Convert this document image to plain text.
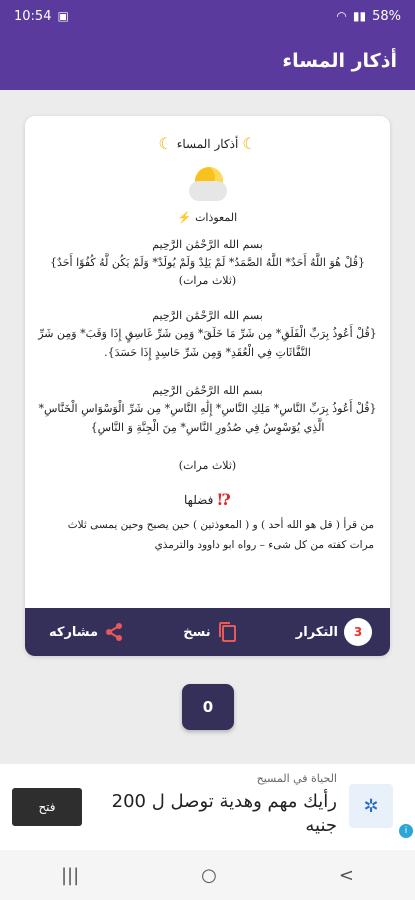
10:54 ▣	◠ ▮▮ 58%
أذكار المساء
☾
أذكار المساء
☾
المعوذات ⚡
بسم الله الرَّحْمَٰن الرَّحِيم
{قُلْ هُوَ اللَّهُ أَحَدٌ* اللَّهُ الصَّمَدُ* لَمْ يَلِدْ وَلَمْ يُولَدْ* وَلَمْ يَكُن لَّهُ كُفُوًا أَحَدٌ}
(ثلاث مرات)
بسم الله الرَّحْمَٰن الرَّحِيم
{قُلْ أَعُوذُ بِرَبِّ الْفَلَقِ* مِن شَرِّ مَا خَلَقَ* وَمِن شَرِّ غَاسِقٍ إِذَا وَقَبَ* وَمِن شَرِّ النَّفَّاثَاتِ فِي الْعُقَدِ* وَمِن شَرِّ حَاسِدٍ إِذَا حَسَدَ}.
بسم الله الرَّحْمَٰن الرَّحِيم
{قُلْ أَعُوذُ بِرَبِّ النَّاسِ* مَلِكِ النَّاسِ* إِلَٰهِ النَّاسِ* مِن شَرِّ الْوَسْوَاسِ الْخَنَّاسِ* الَّذِي يُوَسْوِسُ فِي صُدُورِ النَّاسِ* مِنَ الْجِنَّةِ وَ النَّاسِ}
(ثلاث مرات)
⁉
فضلها
من قرأ ( قل هو الله أحد ) و ( المعوذتين ) حين يصبح وحين يمسى ثلاث مرات كفته من كل شىء – رواه ابو داوود والترمذي
مشاركه	نسخ	التكرار	3
0
فتح
الحياة في المسيح
رأيك مهم وهدية توصل ل 200 جنيه
✲
i
|||	○	<
